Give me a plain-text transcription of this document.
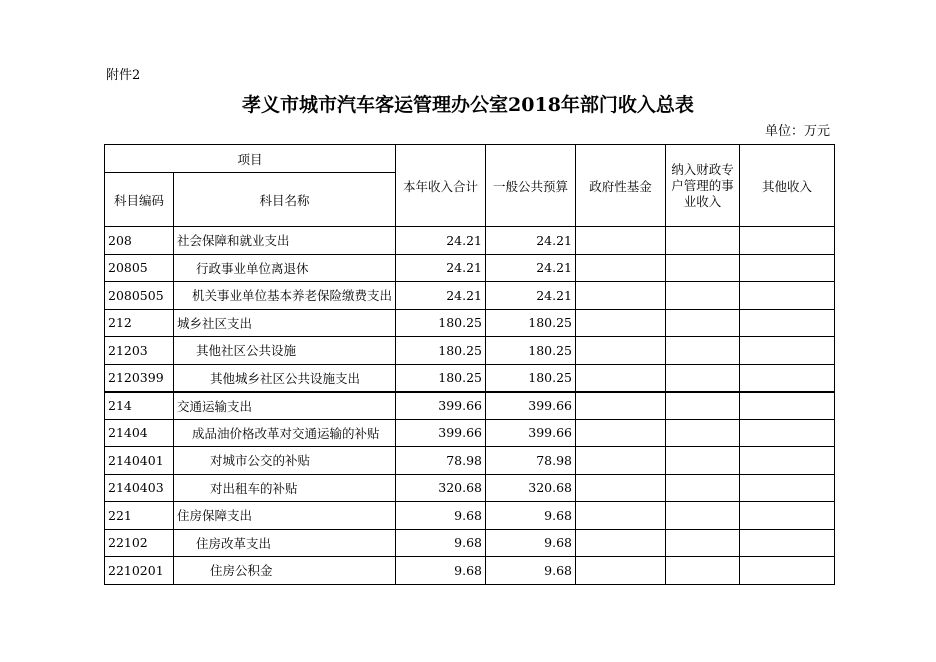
附件2
孝义市城市汽车客运管理办公室2018年部门收入总表
单位：万元
项目		本年收入合计	一般公共预算	政府性基金	纳入财政专户管理的事业收入	其他收入
科目编码	科目名称					
208	社会保障和就业支出	24.21	24.21			
20805	行政事业单位离退休	24.21	24.21			
2080505	机关事业单位基本养老保险缴费支出	24.21	24.21			
212	城乡社区支出	180.25	180.25			
21203	其他社区公共设施	180.25	180.25			
2120399	其他城乡社区公共设施支出	180.25	180.25			
214	交通运输支出	399.66	399.66			
21404	成品油价格改革对交通运输的补贴	399.66	399.66			
2140401	对城市公交的补贴	78.98	78.98			
2140403	对出租车的补贴	320.68	320.68			
221	住房保障支出	9.68	9.68			
22102	住房改革支出	9.68	9.68			
2210201	住房公积金	9.68	9.68			
